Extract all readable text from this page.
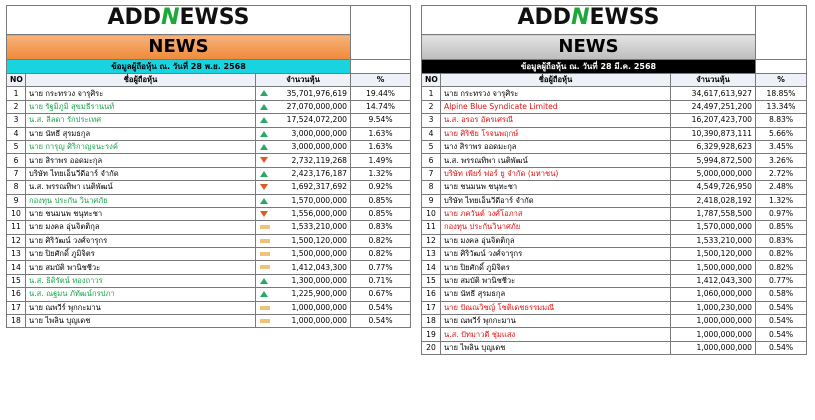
ADDNEWSS			
NEWS			
ข้อมูลผู้ถือหุ้น ณ. วันที่ 28 พ.ย. 2568			
NO	ชื่อผู้ถือหุ้น	จำนวนหุ้น	%
1	นาย กระทรวง จารุศิระ	35,701,976,619	19.44%
2	นาย รัฐมิภูมิ สุขมธีรานนท์	27,070,000,000	14.74%
3	น.ส. ลีลดา รักประเทศ	17,524,072,200	9.54%
4	นาย นัทธี สุรมธกุล	3,000,000,000	1.63%
5	นาย การุญ ศิริกาญจนะรงค์	3,000,000,000	1.63%
6	นาย สิราพร ออดมะกุล	2,732,119,268	1.49%
7	บริษัท ไทยเอ็นวีดีอาร์ จำกัด	2,423,176,187	1.32%
8	น.ส. พรรณทิพา เนติพัฒน์	1,692,317,692	0.92%
9	กองทุน ประกัน วินาศภัย	1,570,000,000	0.85%
10	นาย ชนมนพ ชนุทะชา	1,556,000,000	0.85%
11	นาย มงคล อุ่นจิตติกุล	1,533,210,000	0.83%
12	นาย ศิริวัฒน์ วงศ์จารุกร	1,500,120,000	0.82%
13	นาย ปิยศักดิ์ ภูมิจิตร	1,500,000,000	0.82%
14	นาย สมบัติ พานิชชีวะ	1,412,043,300	0.77%
15	น.ส. ธิดิรัตน์ ทองถาวร	1,300,000,000	0.71%
16	น.ส. ณฐมน ภัทัฒน์กรปภา	1,225,900,000	0.67%
17	นาย ณพวีร์ พุกกะมาน	1,000,000,000	0.54%
18	นาย ไพลิน บุญเดช	1,000,000,000	0.54%
ADDNEWSS			
NEWS			
ข้อมูลผู้ถือหุ้น ณ. วันที่ 28 มี.ค. 2568			
NO	ชื่อผู้ถือหุ้น	จำนวนหุ้น	%
1	นาย กระทรวง จารุศิระ	34,617,613,927	18.85%
2	Alpine Blue Syndicate Limited	24,497,251,200	13.34%
3	น.ส. อรอร อัครเศรณี	16,207,423,700	8.83%
4	นาย ศิริชัย โรจนพฤกษ์	10,390,873,111	5.66%
5	นาง สิราพร ออดมะกุล	6,329,928,623	3.45%
6	น.ส. พรรณทิพา เนติพัฒน์	5,994,872,500	3.26%
7	บริษัท เพียร์ ฟอร์ ยู จำกัด (มหาชน)	5,000,000,000	2.72%
8	นาย ชนมนพ ชนุทะชา	4,549,726,950	2.48%
9	บริษัท ไทยเอ็นวีดีอาร์ จำกัด	2,418,028,192	1.32%
10	นาย ภควันต์ วงศ์โอภาส	1,787,558,500	0.97%
11	กองทุน ประกันวินาศภัย	1,570,000,000	0.85%
12	นาย มงคล อุ่นจิตติกุล	1,533,210,000	0.83%
13	นาย ศิริวัฒน์ วงศ์จารุกร	1,500,120,000	0.82%
14	นาย ปิยศักดิ์ ภูมิจิตร	1,500,000,000	0.82%
15	นาย สมบัติ พานิชชีวะ	1,412,043,300	0.77%
16	นาย นัทธี สุรมธกุล	1,060,000,000	0.58%
17	นาย ปัณณวิชญ์ โชติเดชธรรมมณี	1,000,230,000	0.54%
18	นาย ณพวีร์ พุกกะมาน	1,000,000,000	0.54%
19	น.ส. ปัทมาวดี ชุ่มแสง	1,000,000,000	0.54%
20	นาย ไพลิน บุญเดช	1,000,000,000	0.54%
